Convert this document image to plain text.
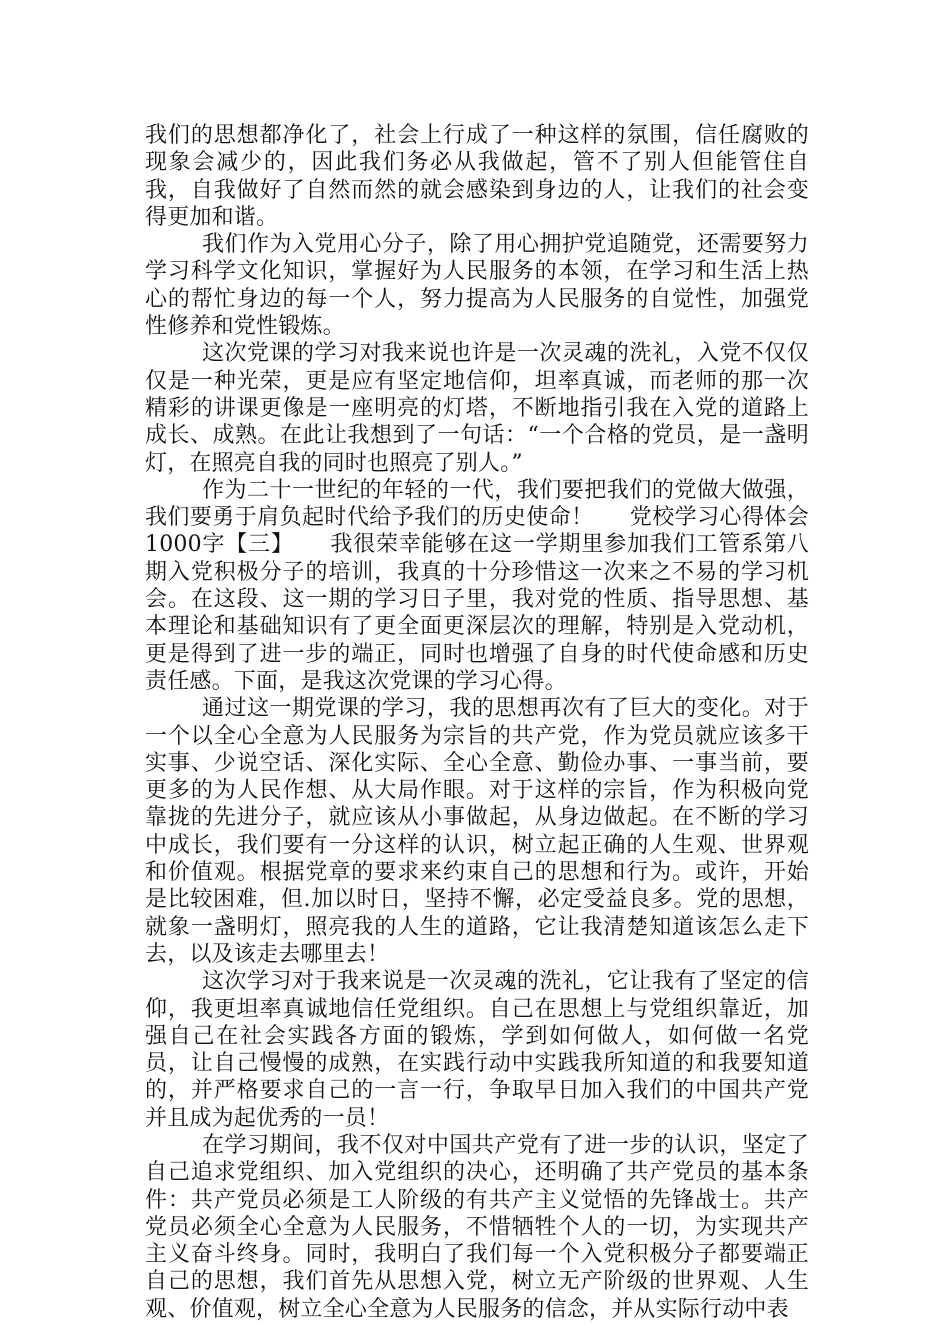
我们的思想都净化了，社会上行成了一种这样的氛围，信任腐败的现象会减少的，因此我们务必从我做起，管不了别人但能管住自我，自我做好了自然而然的就会感染到身边的人，让我们的社会变得更加和谐。

我们作为入党用心分子，除了用心拥护党追随党，还需要努力学习科学文化知识，掌握好为人民服务的本领，在学习和生活上热心的帮忙身边的每一个人，努力提高为人民服务的自觉性，加强党性修养和党性锻炼。

这次党课的学习对我来说也许是一次灵魂的洗礼，入党不仅仅仅是一种光荣，更是应有坚定地信仰，坦率真诚，而老师的那一次精彩的讲课更像是一座明亮的灯塔，不断地指引我在入党的道路上成长、成熟。在此让我想到了一句话：“一个合格的党员，是一盏明灯，在照亮自我的同时也照亮了别人。”

作为二十一世纪的年轻的一代，我们要把我们的党做大做强，我们要勇于肩负起时代给予我们的历史使命！ 党校学习心得体会1000字【三】 我很荣幸能够在这一学期里参加我们工管系第八期入党积极分子的培训，我真的十分珍惜这一次来之不易的学习机会。在这段、这一期的学习日子里，我对党的性质、指导思想、基本理论和基础知识有了更全面更深层次的理解，特别是入党动机，更是得到了进一步的端正，同时也增强了自身的时代使命感和历史责任感。下面，是我这次党课的学习心得。

通过这一期党课的学习，我的思想再次有了巨大的变化。对于一个以全心全意为人民服务为宗旨的共产党，作为党员就应该多干实事、少说空话、深化实际、全心全意、勤俭办事、一事当前，要更多的为人民作想、从大局作眼。对于这样的宗旨，作为积极向党靠拢的先进分子，就应该从小事做起，从身边做起。在不断的学习中成长，我们要有一分这样的认识，树立起正确的人生观、世界观和价值观。根据党章的要求来约束自己的思想和行为。或许，开始是比较困难，但.加以时日，坚持不懈，必定受益良多。党的思想，就象一盏明灯，照亮我的人生的道路，它让我清楚知道该怎么走下去，以及该走去哪里去！

这次学习对于我来说是一次灵魂的洗礼，它让我有了坚定的信仰，我更坦率真诚地信任党组织。自己在思想上与党组织靠近，加强自己在社会实践各方面的锻炼，学到如何做人，如何做一名党员，让自己慢慢的成熟，在实践行动中实践我所知道的和我要知道的，并严格要求自己的一言一行，争取早日加入我们的中国共产党并且成为起优秀的一员！

在学习期间，我不仅对中国共产党有了进一步的认识，坚定了自己追求党组织、加入党组织的决心，还明确了共产党员的基本条件：共产党员必须是工人阶级的有共产主义觉悟的先锋战士。共产党员必须全心全意为人民服务，不惜牺牲个人的一切，为实现共产主义奋斗终身。同时，我明白了我们每一个入党积极分子都要端正自己的思想，我们首先从思想入党，树立无产阶级的世界观、人生观、价值观，树立全心全意为人民服务的信念，并从实际行动中表
